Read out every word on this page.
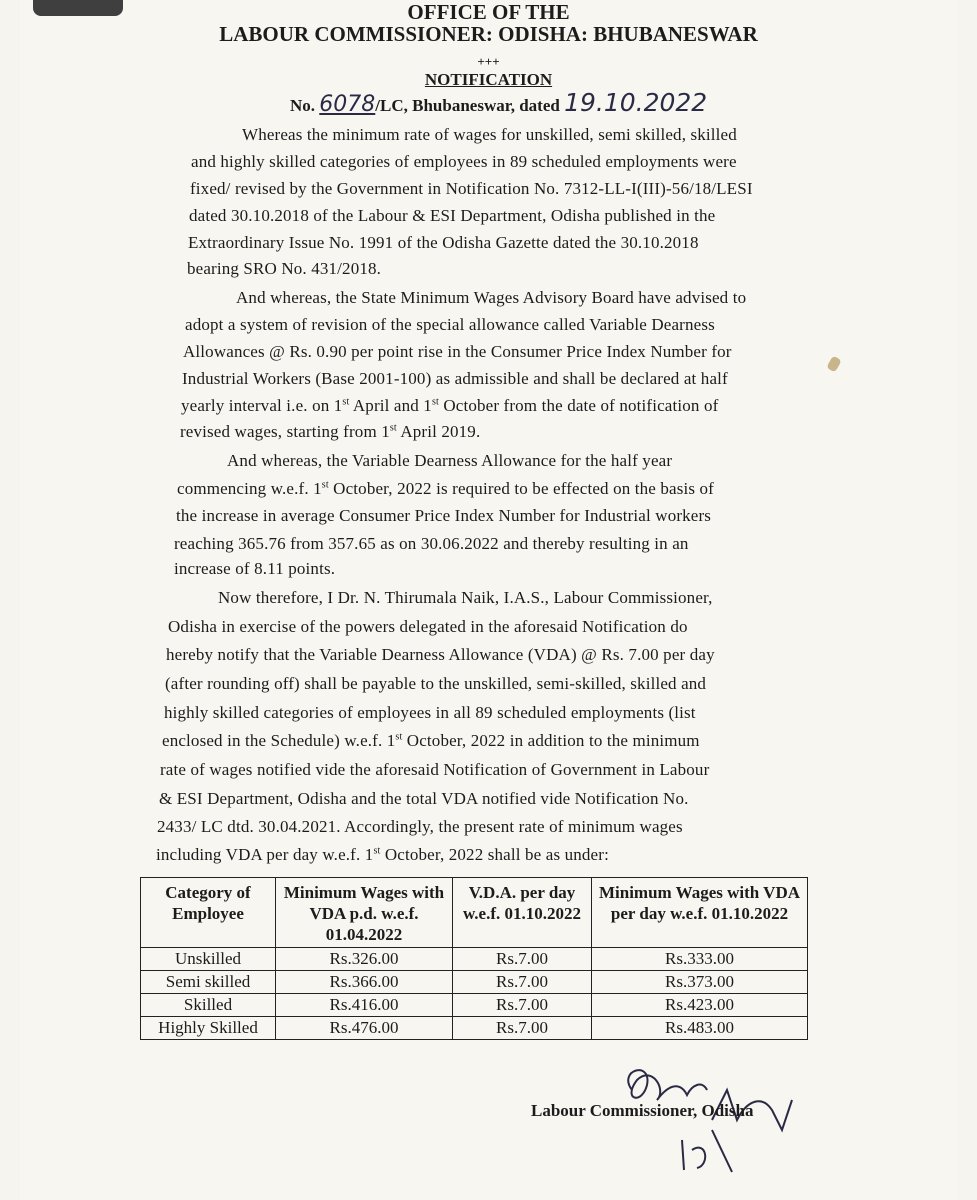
OFFICE OF THE
LABOUR COMMISSIONER: ODISHA: BHUBANESWAR
+++
NOTIFICATION
No. 6078/LC, Bhubaneswar, dated 19.10.2022
Whereas the minimum rate of wages for unskilled, semi skilled, skilled
and highly skilled categories of employees in 89 scheduled employments were
fixed/ revised by the Government in Notification No. 7312-LL-I(III)-56/18/LESI
dated 30.10.2018 of the Labour & ESI Department, Odisha published in the
Extraordinary Issue No. 1991 of the Odisha Gazette dated the 30.10.2018
bearing SRO No. 431/2018.
And whereas, the State Minimum Wages Advisory Board have advised to
adopt a system of revision of the special allowance called Variable Dearness
Allowances @ Rs. 0.90 per point rise in the Consumer Price Index Number for
Industrial Workers (Base 2001-100) as admissible and shall be declared at half
yearly interval i.e. on 1st April and 1st October from the date of notification of
revised wages, starting from 1st April 2019.
And whereas, the Variable Dearness Allowance for the half year
commencing w.e.f. 1st October, 2022 is required to be effected on the basis of
the increase in average Consumer Price Index Number for Industrial workers
reaching 365.76 from 357.65 as on 30.06.2022 and thereby resulting in an
increase of 8.11 points.
Now therefore, I Dr. N. Thirumala Naik, I.A.S., Labour Commissioner,
Odisha in exercise of the powers delegated in the aforesaid Notification do
hereby notify that the Variable Dearness Allowance (VDA) @ Rs. 7.00 per day
(after rounding off) shall be payable to the unskilled, semi-skilled, skilled and
highly skilled categories of employees in all 89 scheduled employments (list
enclosed in the Schedule) w.e.f. 1st October, 2022 in addition to the minimum
rate of wages notified vide the aforesaid Notification of Government in Labour
& ESI Department, Odisha and the total VDA notified vide Notification No.
2433/ LC dtd. 30.04.2021. Accordingly, the present rate of minimum wages
including VDA per day w.e.f. 1st October, 2022 shall be as under:
Category of Employee	Minimum Wages with VDA p.d. w.e.f. 01.04.2022	V.D.A. per day w.e.f. 01.10.2022	Minimum Wages with VDA per day w.e.f. 01.10.2022
Unskilled	Rs.326.00	Rs.7.00	Rs.333.00
Semi skilled	Rs.366.00	Rs.7.00	Rs.373.00
Skilled	Rs.416.00	Rs.7.00	Rs.423.00
Highly Skilled	Rs.476.00	Rs.7.00	Rs.483.00
Labour Commissioner, Odisha
